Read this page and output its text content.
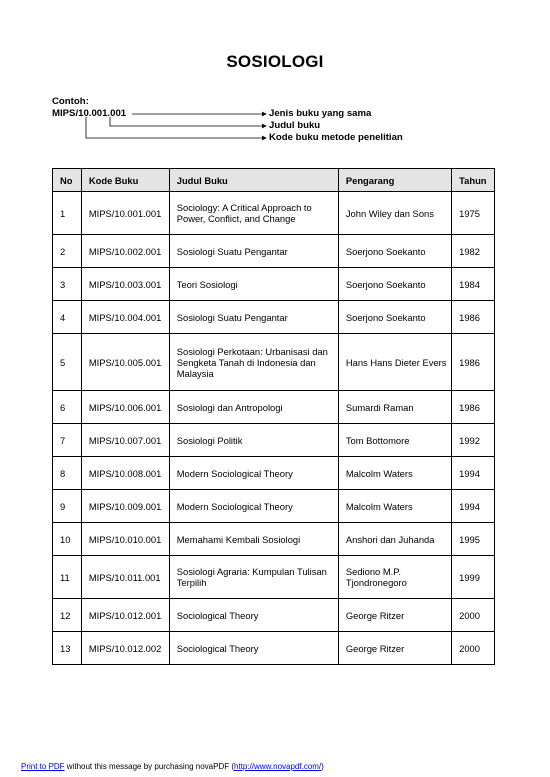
SOSIOLOGI
Contoh:
MIPS/10.001.001	Jenis buku yang sama
Judul buku
Kode buku metode penelitian
No	Kode Buku	Judul Buku	Pengarang	Tahun
1	MIPS/10.001.001	Sociology: A Critical Approach to Power, Conflict, and Change	John Wiley dan Sons	1975
2	MIPS/10.002.001	Sosiologi Suatu Pengantar	Soerjono Soekanto	1982
3	MIPS/10.003.001	Teori Sosiologi	Soerjono Soekanto	1984
4	MIPS/10.004.001	Sosiologi Suatu Pengantar	Soerjono Soekanto	1986
5	MIPS/10.005.001	Sosiologi Perkotaan: Urbanisasi dan Sengketa Tanah di Indonesia dan Malaysia	Hans Hans Dieter Evers	1986
6	MIPS/10.006.001	Sosiologi dan Antropologi	Sumardi Raman	1986
7	MIPS/10.007.001	Sosiologi Politik	Tom Bottomore	1992
8	MIPS/10.008.001	Modern Sociological Theory	Malcolm Waters	1994
9	MIPS/10.009.001	Modern Sociological Theory	Malcolm Waters	1994
10	MIPS/10.010.001	Memahami Kembali Sosiologi	Anshori dan Juhanda	1995
11	MIPS/10.011.001	Sosiologi Agraria: Kumpulan Tulisan Terpilih	Sediono M.P. Tjondronegoro	1999
12	MIPS/10.012.001	Sociological Theory	George Ritzer	2000
13	MIPS/10.012.002	Sociological Theory	George Ritzer	2000
Print to PDF without this message by purchasing novaPDF (http://www.novapdf.com/)
